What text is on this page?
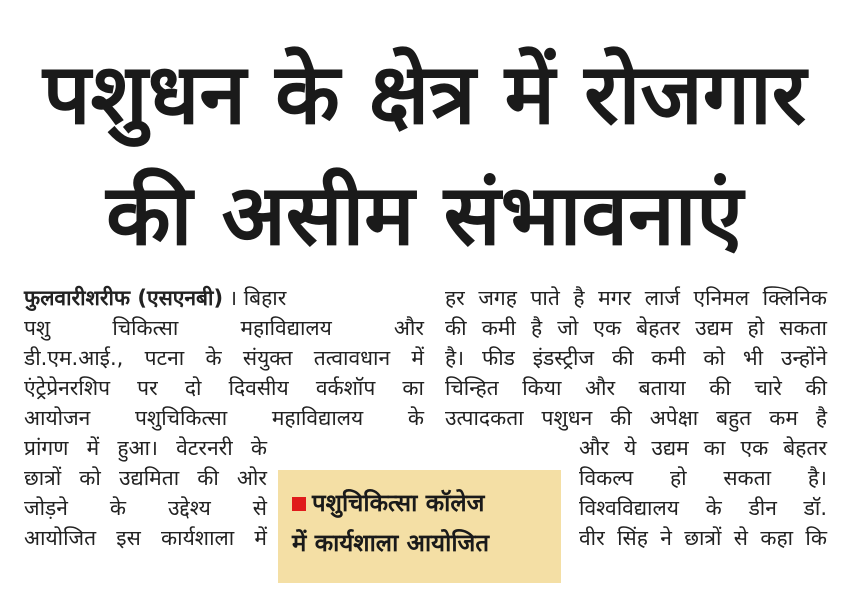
पशुधन के क्षेत्र में रोजगार
की असीम संभावनाएं
फुलवारीशरीफ (एसएनबी) । बिहार
पशु चिकित्सा महाविद्यालय और
डी.एम.आई., पटना के संयुक्त तत्वावधान में
एंट्रेप्रेनरशिप पर दो दिवसीय वर्कशॉप का
आयोजन पशुचिकित्सा महाविद्यालय के
प्रांगण में हुआ। वेटरनरी के
छात्रों को उद्यमिता की ओर
जोड़ने के उद्देश्य से
आयोजित इस कार्यशाला में
हर जगह पाते है मगर लार्ज एनिमल क्लिनिक
की कमी है जो एक बेहतर उद्यम हो सकता
है। फीड इंडस्ट्रीज की कमी को भी उन्होंने
चिन्हित किया और बताया की चारे की
उत्पादकता पशुधन की अपेक्षा बहुत कम है
और ये उद्यम का एक बेहतर
विकल्प हो सकता है।
विश्वविद्यालय के डीन डॉ.
वीर सिंह ने छात्रों से कहा कि
पशुचिकित्सा कॉलेज
में कार्यशाला आयोजित
